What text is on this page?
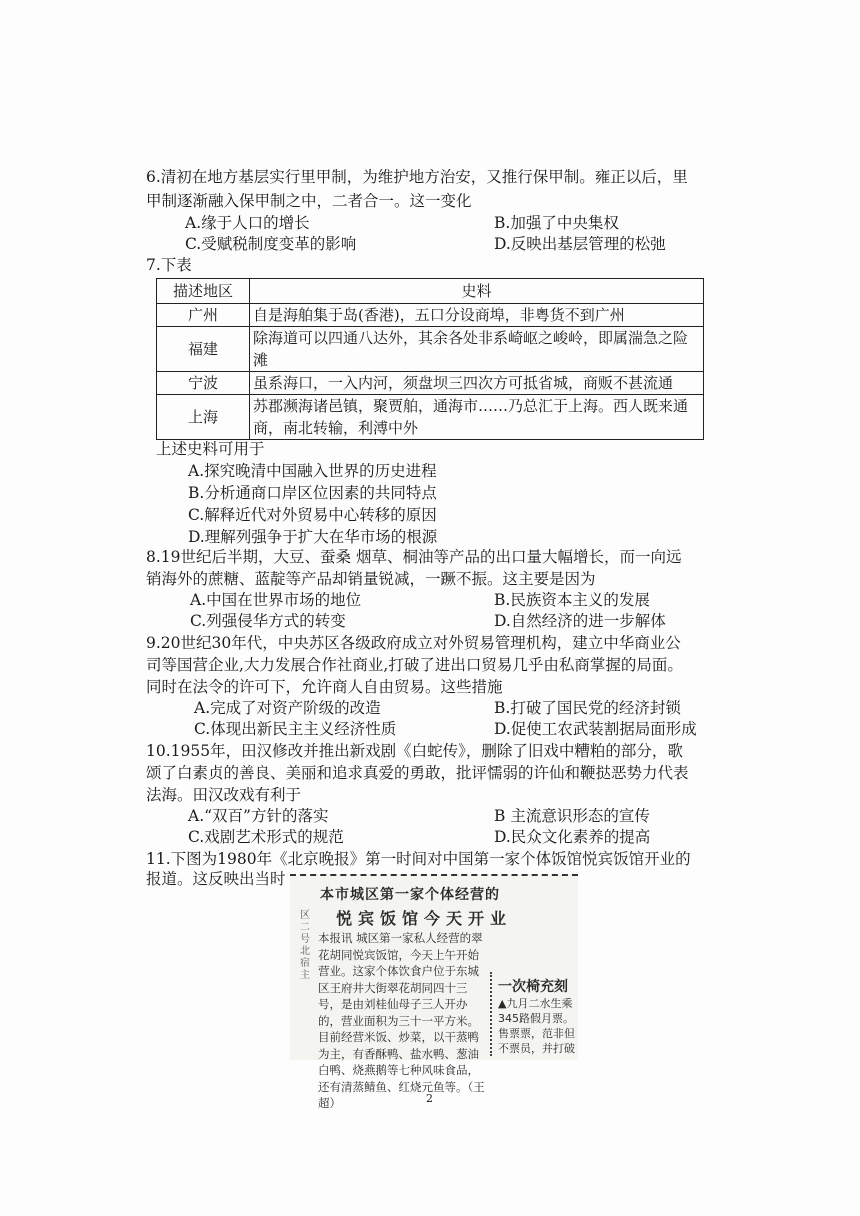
6.清初在地方基层实行里甲制，为维护地方治安，又推行保甲制。雍正以后，里
甲制逐渐融入保甲制之中，二者合一。这一变化
A.缘于人口的增长	B.加强了中央集权
C.受赋税制度变革的影响	D.反映出基层管理的松弛
7.下表
描述地区	史料
广州	自是海舶集于岛(香港)，五口分设商埠，非粤货不到广州
福建	除海道可以四通八达外，其余各处非系崎岖之峻岭，即属湍急之险滩
宁波	虽系海口，一入内河，须盘坝三四次方可抵省城，商贩不甚流通
上海	苏郡濒海诸邑镇，聚贾舶，通海市……乃总汇于上海。西人既来通商，南北转输，利溥中外
上述史料可用于
A.探究晚清中国融入世界的历史进程
B.分析通商口岸区位因素的共同特点
C.解释近代对外贸易中心转移的原因
D.理解列强争于扩大在华市场的根源
8.19世纪后半期，大豆、蚕桑 烟草、桐油等产品的出口量大幅增长，而一向远
销海外的蔗糖、蓝靛等产品却销量锐减，一蹶不振。这主要是因为
A.中国在世界市场的地位	B.民族资本主义的发展
C.列强侵华方式的转变	D.自然经济的进一步解体
9.20世纪30年代，中央苏区各级政府成立对外贸易管理机构，建立中华商业公
司等国营企业,大力发展合作社商业,打破了进出口贸易几乎由私商掌握的局面。
同时在法令的许可下，允许商人自由贸易。这些措施
A.完成了对资产阶级的改造	B.打破了国民党的经济封锁
C.体现出新民主主义经济性质	D.促使工农武装割据局面形成
10.1955年，田汉修改并推出新戏剧《白蛇传》，删除了旧戏中糟粕的部分，歌
颂了白素贞的善良、美丽和追求真爱的勇敢，批评懦弱的许仙和鞭挞恶势力代表
法海。田汉改戏有利于
A.“双百”方针的落实	B 主流意识形态的宣传
C.戏剧艺术形式的规范	D.民众文化素养的提高
11.下图为1980年《北京晚报》第一时间对中国第一家个体饭馆悦宾饭馆开业的
报道。这反映出当时
本市城区第一家个体经营的
悦宾饭馆今天开业
区二号北宿主
本报讯 城区第一家私人经营的翠花胡同悦宾饭馆，今天上午开始营业。这家个体饮食户位于东城区王府井大街翠花胡同四十三号，是由刘桂仙母子三人开办的，营业面积为三十一平方米。目前经营米饭、炒菜，以干蒸鸭为主，有香酥鸭、盐水鸭、葱油白鸭、烧燕鹅等七种风味食品，还有清蒸鲭鱼、红烧元鱼等。（王 超）
一次椅充刻
▲九月二水生乘345路假月票。售票票，范非但不票员，并打破
2
